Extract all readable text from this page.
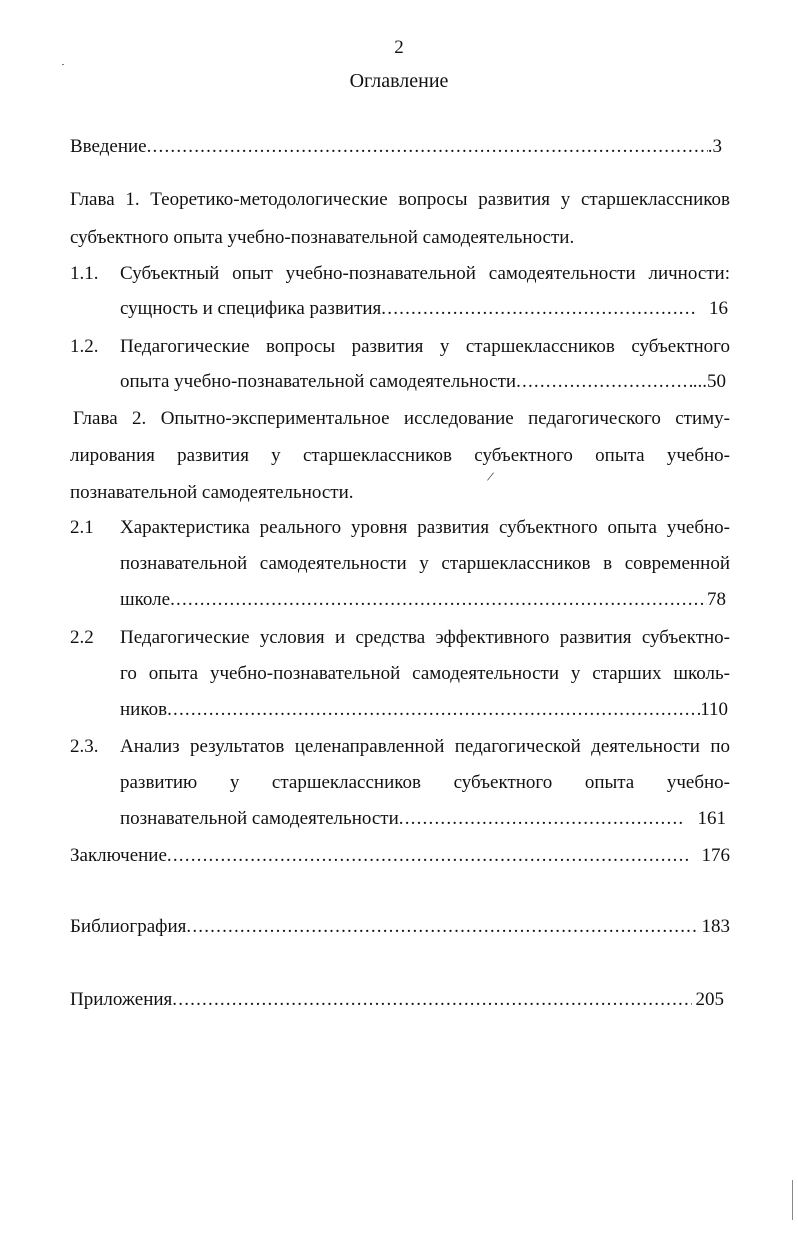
2
Оглавление
Введение .....	.3
Глава 1. Теоретико-методологические вопросы развития у старшеклассников
субъектного опыта учебно-познавательной самодеятельности.
1.1. Субъектный опыт учебно-познавательной самодеятельности личности:
сущность и специфика развития .....	16
1.2. Педагогические вопросы развития у старшеклассников субъектного
опыта учебно-познавательной самодеятельности .....	...50
Глава 2. Опытно-экспериментальное исследование педагогического стиму-
лирования развития у старшеклассников субъектного опыта учебно-
познавательной самодеятельности.
/
2.1 Характеристика реального уровня развития субъектного опыта учебно-
познавательной самодеятельности у старшеклассников в современной
школе .....	78
2.2 Педагогические условия и средства эффективного развития субъектно-
го опыта учебно-познавательной самодеятельности у старших школь-
ников .....	110
2.3. Анализ результатов целенаправленной педагогической деятельности по
развитию у старшеклассников субъектного опыта учебно-
познавательной самодеятельности .....	161
Заключение .....	176
Библиография .....	183
Приложения .....	205
